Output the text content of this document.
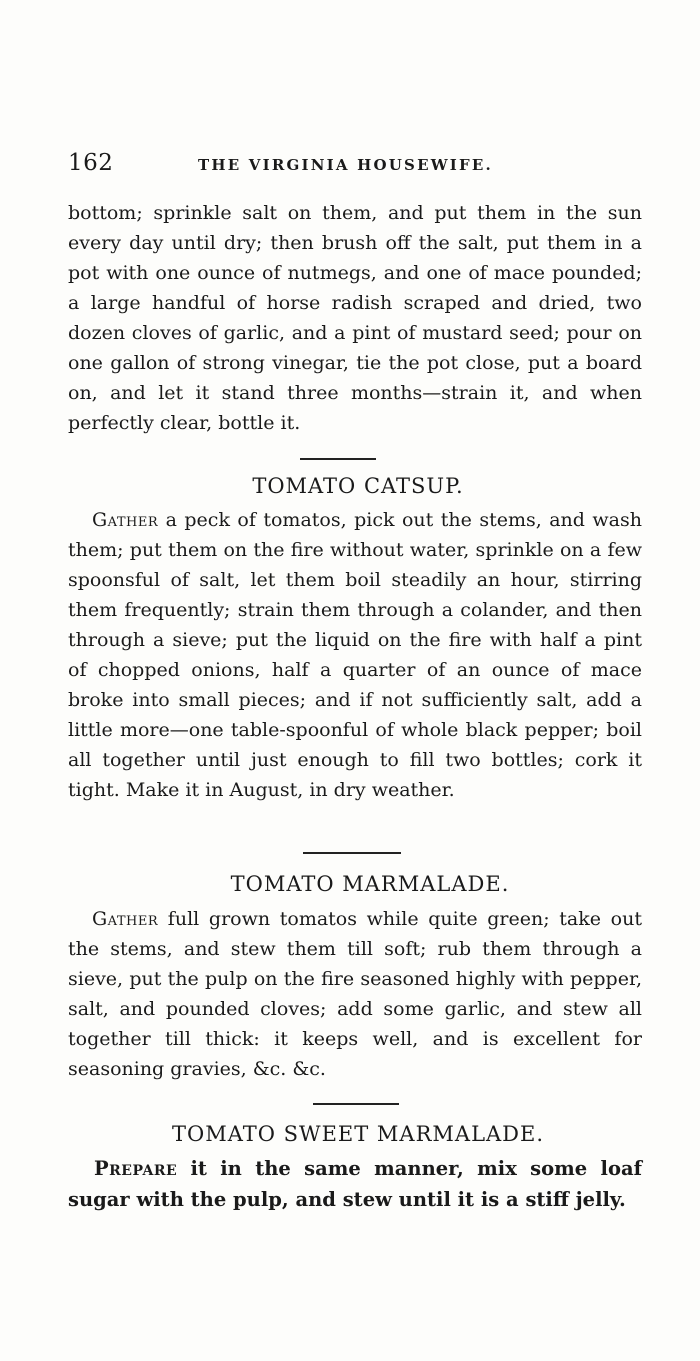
162	THE VIRGINIA HOUSEWIFE.

bottom; sprinkle salt on them, and put them in the sun every day until dry; then brush off the salt, put them in a pot with one ounce of nutmegs, and one of mace pounded; a large handful of horse radish scraped and dried, two dozen cloves of garlic, and a pint of mustard seed; pour on one gallon of strong vinegar, tie the pot close, put a board on, and let it stand three months—strain it, and when perfectly clear, bottle it.

TOMATO CATSUP.

Gather a peck of tomatos, pick out the stems, and wash them; put them on the fire without water, sprinkle on a few spoonsful of salt, let them boil steadily an hour, stirring them frequently; strain them through a colander, and then through a sieve; put the liquid on the fire with half a pint of chopped onions, half a quarter of an ounce of mace broke into small pieces; and if not sufficiently salt, add a little more—one table-spoonful of whole black pepper; boil all together until just enough to fill two bottles; cork it tight. Make it in August, in dry weather.

TOMATO MARMALADE.

Gather full grown tomatos while quite green; take out the stems, and stew them till soft; rub them through a sieve, put the pulp on the fire seasoned highly with pepper, salt, and pounded cloves; add some garlic, and stew all together till thick: it keeps well, and is excellent for seasoning gravies, &c. &c.

TOMATO SWEET MARMALADE.

Prepare it in the same manner, mix some loaf sugar with the pulp, and stew until it is a stiff jelly.
